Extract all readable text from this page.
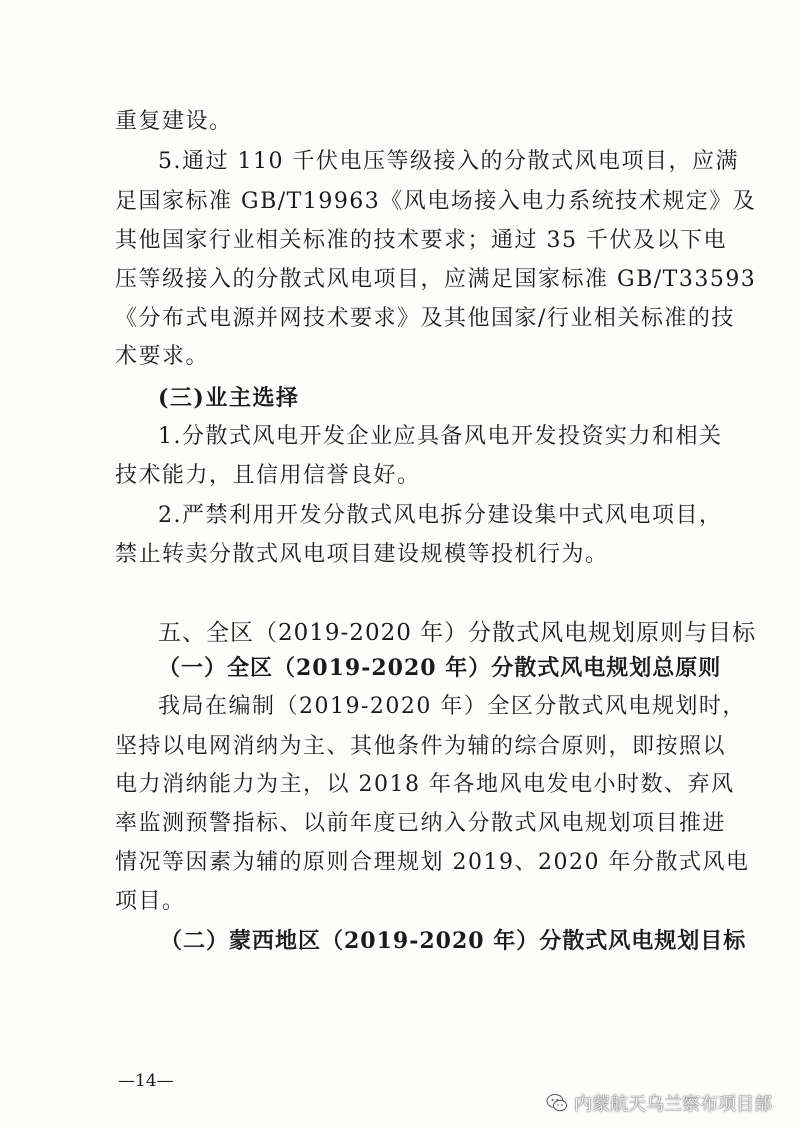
重复建设。
5.通过 110 千伏电压等级接入的分散式风电项目，应满
足国家标准 GB/T19963《风电场接入电力系统技术规定》及
其他国家行业相关标准的技术要求；通过 35 千伏及以下电
压等级接入的分散式风电项目，应满足国家标准 GB/T33593
《分布式电源并网技术要求》及其他国家/行业相关标准的技
术要求。
(三)业主选择
1.分散式风电开发企业应具备风电开发投资实力和相关
技术能力，且信用信誉良好。
2.严禁利用开发分散式风电拆分建设集中式风电项目，
禁止转卖分散式风电项目建设规模等投机行为。
五、全区（2019-2020 年）分散式风电规划原则与目标
（一）全区（2019-2020 年）分散式风电规划总原则
我局在编制（2019-2020 年）全区分散式风电规划时，
坚持以电网消纳为主、其他条件为辅的综合原则，即按照以
电力消纳能力为主，以 2018 年各地风电发电小时数、弃风
率监测预警指标、以前年度已纳入分散式风电规划项目推进
情况等因素为辅的原则合理规划 2019、2020 年分散式风电
项目。
（二）蒙西地区（2019-2020 年）分散式风电规划目标
—14—
内蒙航天乌兰察布项目部
